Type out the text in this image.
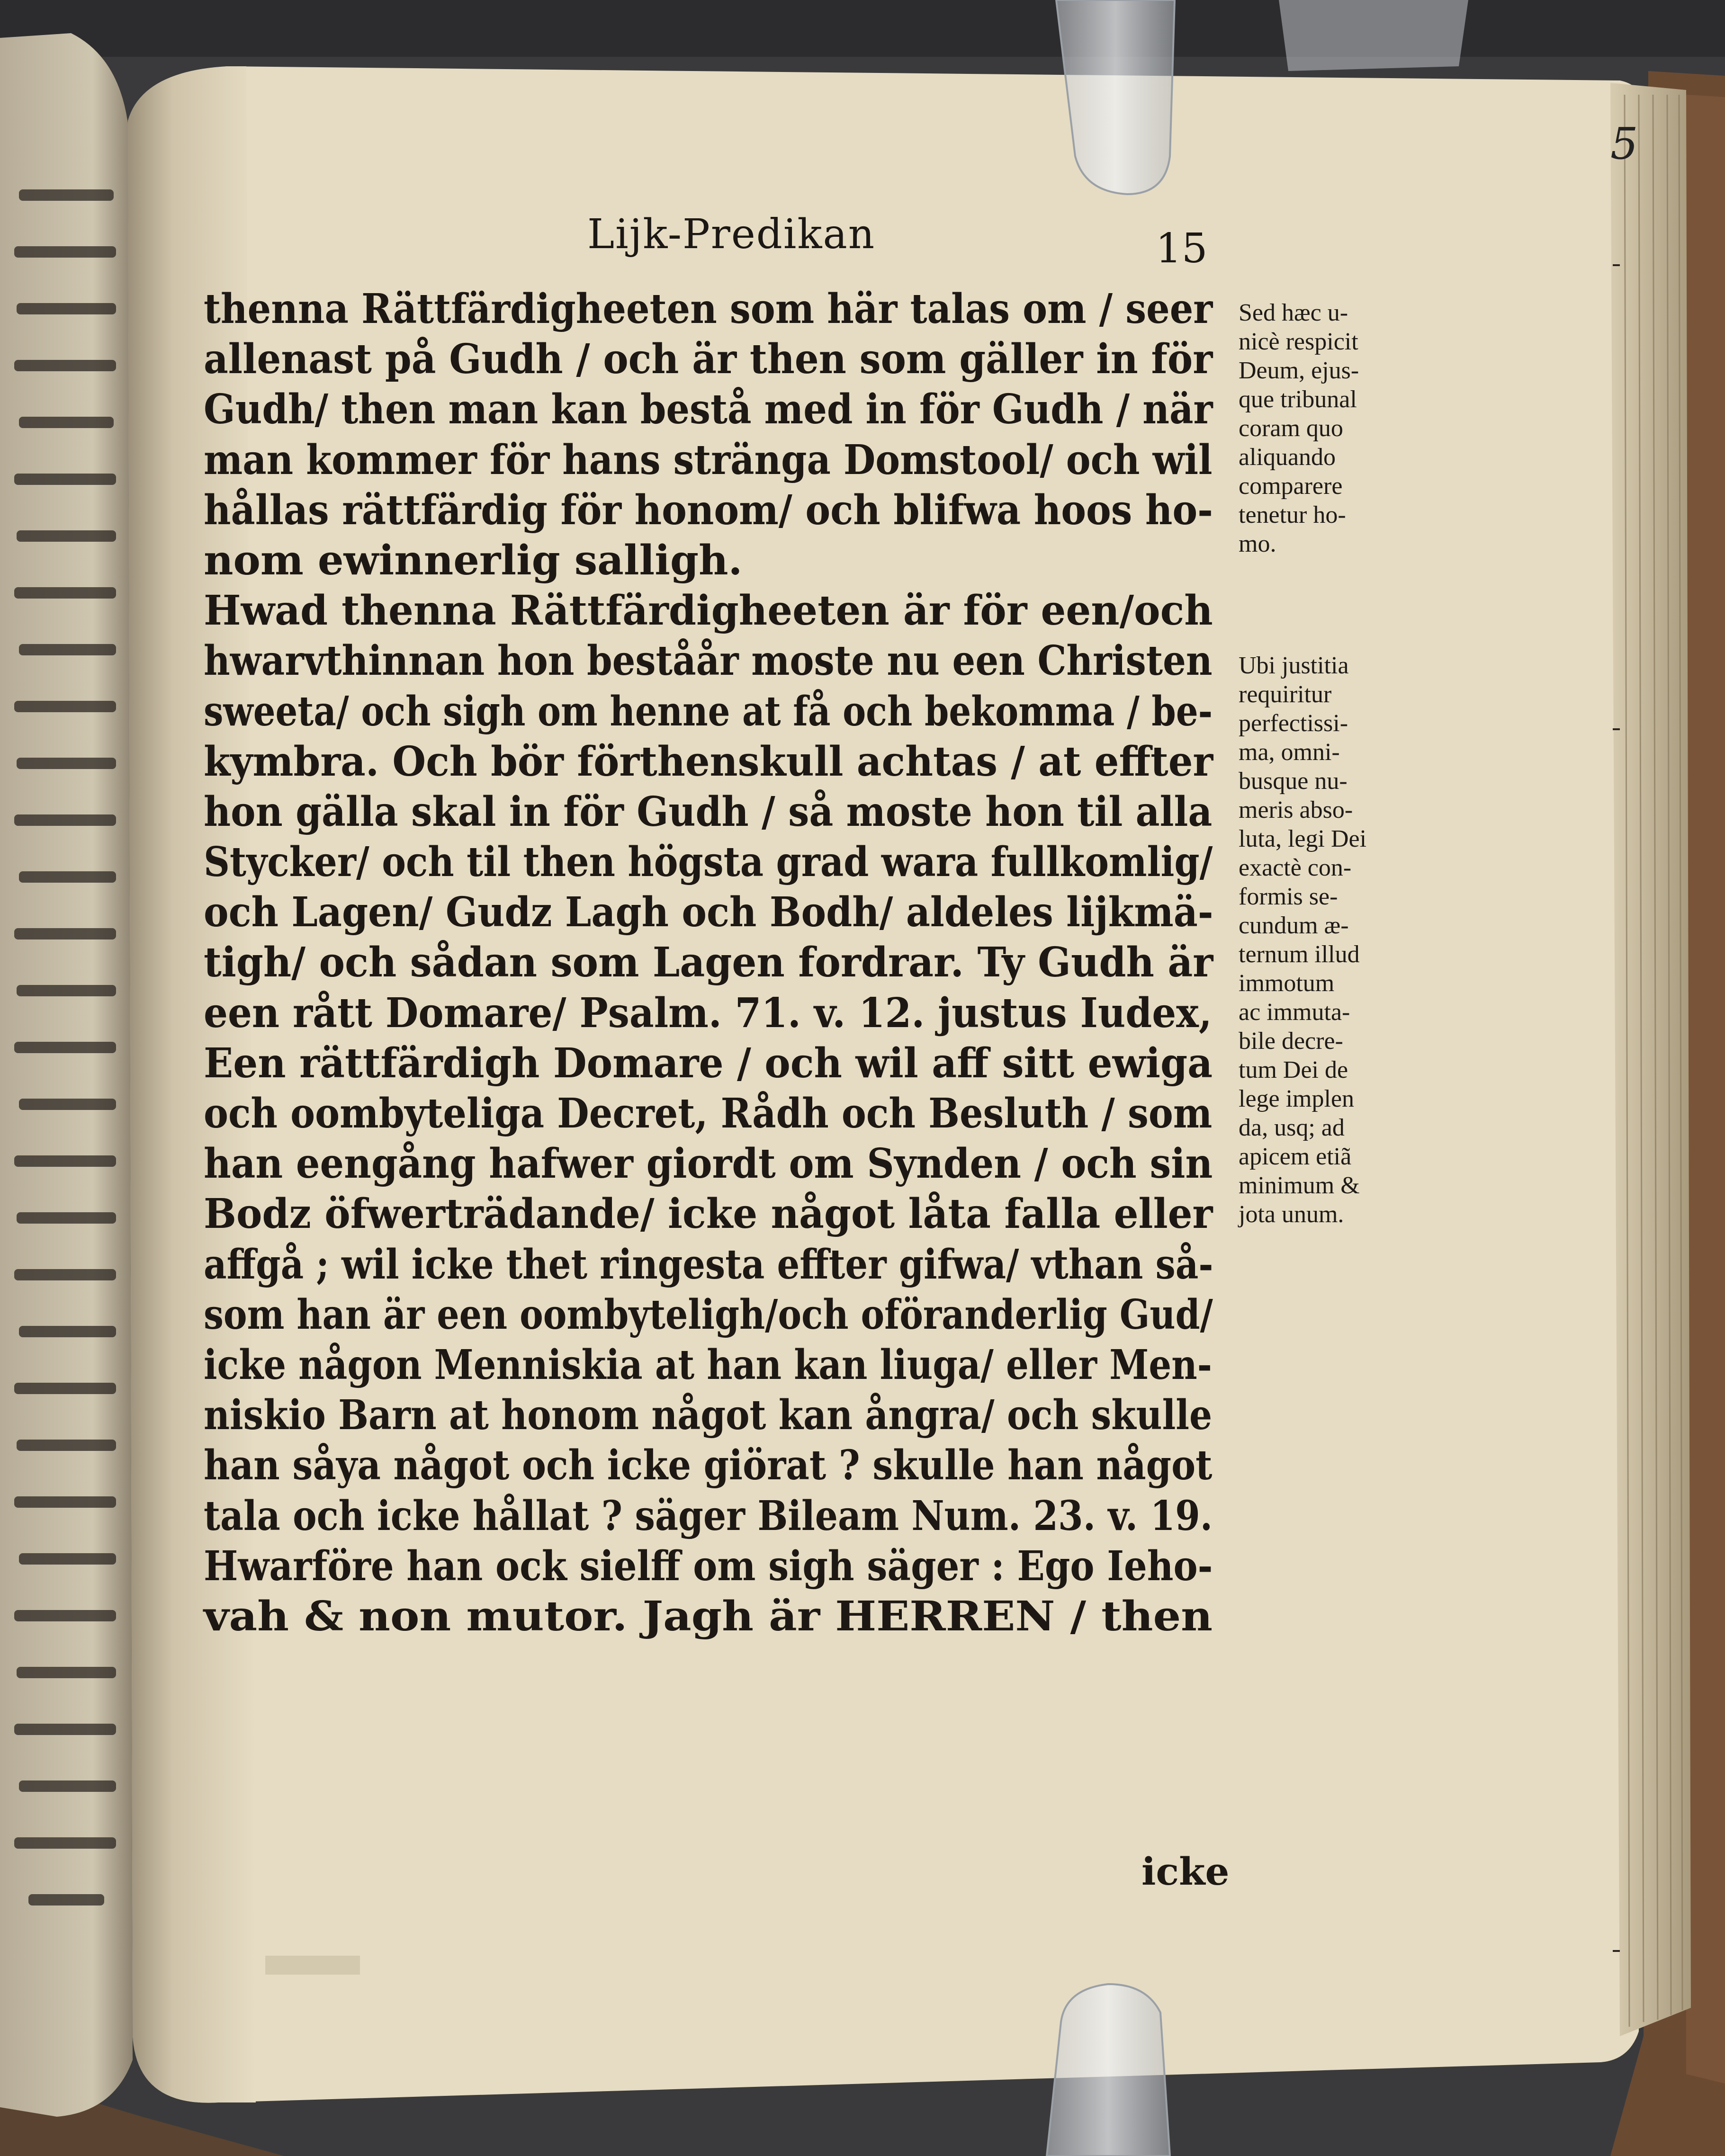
Lijk-Predikan	15
5
thenna Rättfärdigheeten som här talas om / seer
allenast på Gudh / och är then som gäller in för
Gudh/ then man kan bestå med in för Gudh / när
man kommer för hans stränga Domstool/ och wil
hållas rättfärdig för honom/ och blifwa hoos ho-
nom ewinnerlig salligh.
Hwad thenna Rättfärdigheeten är för een/och
hwarvthinnan hon beståår moste nu een Christen
sweeta/ och sigh om henne at få och bekomma / be-
kymbra. Och bör förthenskull achtas / at effter
hon gälla skal in för Gudh / så moste hon til alla
Stycker/ och til then högsta grad wara fullkomlig/
och Lagen/ Gudz Lagh och Bodh/ aldeles lijkmä-
tigh/ och sådan som Lagen fordrar. Ty Gudh är
een rått Domare/ Psalm. 71. v. 12. justus Iudex,
Een rättfärdigh Domare / och wil aff sitt ewiga
och oombyteliga Decret, Rådh och Besluth / som
han eengång hafwer giordt om Synden / och sin
Bodz öfwerträdande/ icke något låta falla eller
affgå ; wil icke thet ringesta effter gifwa/ vthan så-
som han är een oombyteligh/och oföranderlig Gud/
icke någon Menniskia at han kan liuga/ eller Men-
niskio Barn at honom något kan ångra/ och skulle
han såya något och icke giörat ? skulle han något
tala och icke hållat ? säger Bileam Num. 23. v. 19.
Hwarföre han ock sielff om sigh säger : Ego Ieho-
vah & non mutor. Jagh är HERREN / then
Sed hæc u-
nicè respicit
Deum, ejus-
que tribunal
coram quo
aliquando
comparere
tenetur ho-
mo.
Ubi justitia
requiritur
perfectissi-
ma, omni-
busque nu-
meris abso-
luta, legi Dei
exactè con-
formis se-
cundum æ-
ternum illud
immotum
ac immuta-
bile decre-
tum Dei de
lege implen
da, usq; ad
apicem etiã
minimum &
jota unum.
icke
